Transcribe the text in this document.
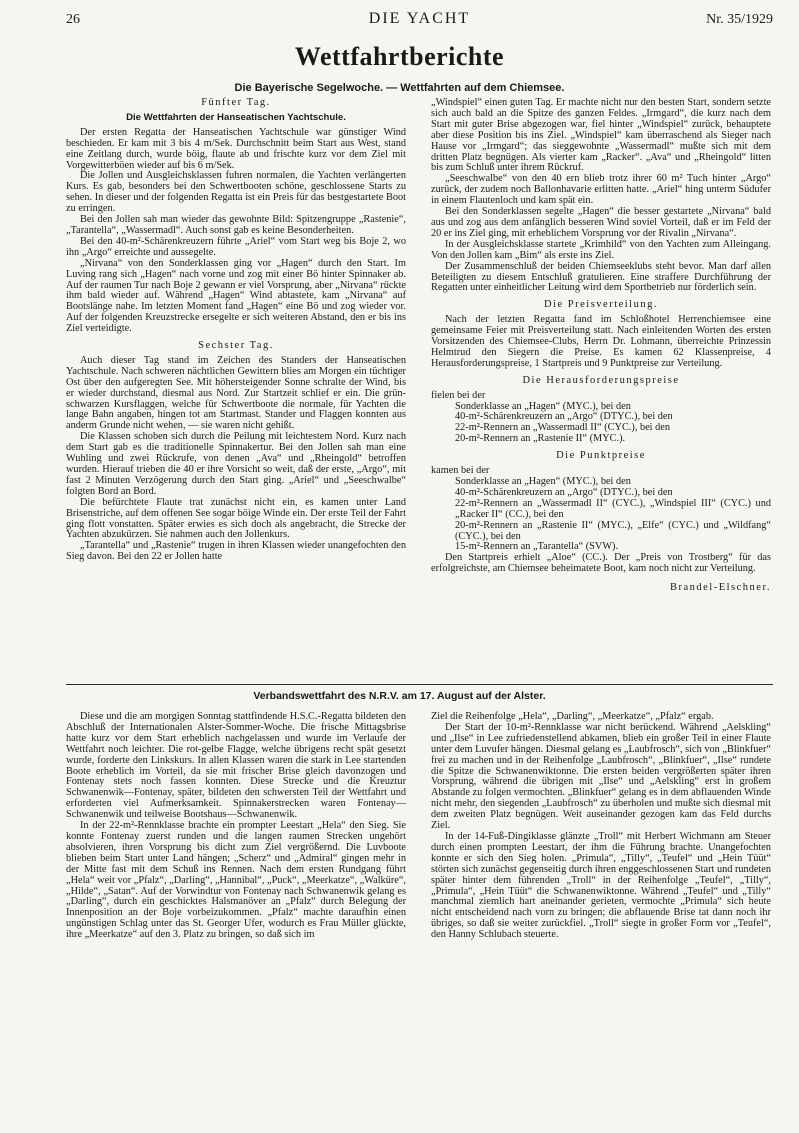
26	DIE YACHT	Nr. 35/1929
Wettfahrtberichte
Die Bayerische Segelwoche. — Wettfahrten auf dem Chiemsee.
Fünfter Tag.
Die Wettfahrten der Hanseatischen Yachtschule.

Der ersten Regatta der Hanseatischen Yachtschule war günstiger Wind beschieden. Er kam mit 3 bis 4 m/Sek. Durchschnitt beim Start aus West, stand eine Zeitlang durch, wurde böig, flaute ab und frischte kurz vor dem Ziel mit Vorgewitterböen wieder auf bis 6 m/Sek.

Die Jollen und Ausgleichsklassen fuhren normalen, die Yachten verlängerten Kurs. Es gab, besonders bei den Schwertbooten schöne, geschlossene Starts zu sehen. In dieser und der folgenden Regatta ist ein Preis für das bestgestartete Boot zu erringen.

Bei den Jollen sah man wieder das gewohnte Bild: Spitzengruppe „Rastenie“, „Tarantella“, „Wassermadl“. Auch sonst gab es keine Besonderheiten.

Bei den 40-m²-Schärenkreuzern führte „Ariel“ vom Start weg bis Boje 2, wo ihn „Argo“ erreichte und aussegelte.

„Nirvana“ von den Sonderklassen ging vor „Hagen“ durch den Start. Im Luving rang sich „Hagen“ nach vorne und zog mit einer Bö hinter Spinnaker ab. Auf der raumen Tur nach Boje 2 gewann er viel Vorsprung, aber „Nirvana“ rückte ihm bald wieder auf. Während „Hagen“ Wind abtastete, kam „Nirvana“ auf Bootslänge nahe. Im letzten Moment fand „Hagen“ eine Bö und zog wieder vor. Auf der folgenden Kreuzstrecke ersegelte er sich weiteren Abstand, den er bis ins Ziel verteidigte.

Sechster Tag.

Auch dieser Tag stand im Zeichen des Standers der Hanseatischen Yachtschule. Nach schweren nächtlichen Gewittern blies am Morgen ein tüchtiger Ost über den aufgeregten See. Mit höhersteigender Sonne schralte der Wind, bis er wieder durchstand, diesmal aus Nord. Zur Startzeit schlief er ein. Die grün-schwarzen Kursflaggen, welche für Schwertboote die normale, für Yachten die lange Bahn angaben, hingen tot am Startmast. Stander und Flaggen konnten aus anderm Grunde nicht wehen, — sie waren nicht gehißt.

Die Klassen schoben sich durch die Peilung mit leichtestem Nord. Kurz nach dem Start gab es die traditionelle Spinnakertur. Bei den Jollen sah man eine Wuhling und zwei Rückrufe, von denen „Ava“ und „Rheingold“ betroffen wurden. Hierauf trieben die 40 er ihre Vorsicht so weit, daß der erste, „Argo“, mit fast 2 Minuten Verzögerung durch den Start ging. „Ariel“ und „Seeschwalbe“ folgten Bord an Bord.

Die befürchtete Flaute trat zunächst nicht ein, es kamen unter Land Brisenstriche, auf dem offenen See sogar böige Winde ein. Der erste Teil der Fahrt ging flott vonstatten. Später erwies es sich doch als angebracht, die Strecke der Yachten abzukürzen. Sie nahmen auch den Jollenkurs.

„Tarantella“ und „Rastenie“ trugen in ihren Klassen wieder unangefochten den Sieg davon. Bei den 22 er Jollen hatte

„Windspiel“ einen guten Tag. Er machte nicht nur den besten Start, sondern setzte sich auch bald an die Spitze des ganzen Feldes. „Irmgard“, die kurz nach dem Start mit guter Brise abgezogen war, fiel hinter „Windspiel“ zurück, behauptete aber diese Position bis ins Ziel. „Windspiel“ kam überraschend als Sieger nach Hause vor „Irmgard“; das sieggewohnte „Wassermadl“ mußte sich mit dem dritten Platz begnügen. Als vierter kam „Racker“. „Ava“ und „Rheingold“ litten bis zum Schluß unter ihrem Rückruf.

„Seeschwalbe“ von den 40 ern blieb trotz ihrer 60 m² Tuch hinter „Argo“ zurück, der zudem noch Ballonhavarie erlitten hatte. „Ariel“ hing unterm Südufer in einem Flautenloch und kam spät ein.

Bei den Sonderklassen segelte „Hagen“ die besser gestartete „Nirvana“ bald aus und zog aus dem anfänglich besseren Wind soviel Vorteil, daß er im Feld der 20 er ins Ziel ging, mit erheblichem Vorsprung vor der Rivalin „Nirvana“.

In der Ausgleichsklasse startete „Krimhild“ von den Yachten zum Alleingang. Von den Jollen kam „Bim“ als erste ins Ziel.

Der Zusammenschluß der beiden Chiemseeklubs steht bevor. Man darf allen Beteiligten zu diesem Entschluß gratulieren. Eine straffere Durchführung der Regatten unter einheitlicher Leitung wird dem Sportbetrieb nur förderlich sein.

Die Preisverteilung.

Nach der letzten Regatta fand im Schloßhotel Herrenchiemsee eine gemeinsame Feier mit Preisverteilung statt. Nach einleitenden Worten des ersten Vorsitzenden des Chiemsee-Clubs, Herrn Dr. Lohmann, überreichte Prinzessin Helmtrud den Siegern die Preise. Es kamen 62 Klassenpreise, 4 Herausforderungspreise, 1 Startpreis und 9 Punktpreise zur Verteilung.

Die Herausforderungspreise

fielen bei der

Sonderklasse an „Hagen“ (MYC.), bei den

40-m²-Schärenkreuzern an „Argo“ (DTYC.), bei den

22-m²-Rennern an „Wassermadl II“ (CYC.), bei den

20-m²-Rennern an „Rastenie II“ (MYC.).

Die Punktpreise

kamen bei der

Sonderklasse an „Hagen“ (MYC.), bei den

40-m²-Schärenkreuzern an „Argo“ (DTYC.), bei den

22-m²-Rennern an „Wassermadl II“ (CYC.), „Windspiel III“ (CYC.) und „Racker II“ (CC.), bei den

20-m²-Rennern an „Rastenie II“ (MYC.), „Elfe“ (CYC.) und „Wildfang“ (CYC.), bei den

15-m²-Rennern an „Tarantella“ (SVW).

Den Startpreis erhielt „Aloe“ (CC.). Der „Preis von Trostberg“ für das erfolgreichste, am Chiemsee beheimatete Boot, kam noch nicht zur Verteilung.

Brandel-Elschner.
Verbandswettfahrt des N.R.V. am 17. August auf der Alster.

Diese und die am morgigen Sonntag stattfindende H.S.C.-Regatta bildeten den Abschluß der Internationalen Alster-Sommer-Woche. Die frische Mittagsbrise hatte kurz vor dem Start erheblich nachgelassen und wurde im Verlaufe der Wettfahrt noch leichter. Die rot-gelbe Flagge, welche übrigens recht spät gesetzt wurde, forderte den Linkskurs. In allen Klassen waren die stark in Lee startenden Boote erheblich im Vorteil, da sie mit frischer Brise gleich davonzogen und Fontenay stets noch fassen konnten. Diese Strecke und die Kreuztur Schwanenwik—Fontenay, später, bildeten den schwersten Teil der Wettfahrt und erforderten viel Aufmerksamkeit. Spinnakerstrecken waren Fontenay—Schwanenwik und teilweise Bootshaus—Schwanenwik.

In der 22-m²-Rennklasse brachte ein prompter Leestart „Hela“ den Sieg. Sie konnte Fontenay zuerst runden und die langen raumen Strecken ungehört absolvieren, ihren Vorsprung bis dicht zum Ziel vergrößernd. Die Luvboote blieben beim Start unter Land hängen; „Scherz“ und „Admiral“ gingen mehr in der Mitte fast mit dem Schuß ins Rennen. Nach dem ersten Rundgang führt „Hela“ weit vor „Pfalz“, „Darling“, „Hannibal“, „Puck“, „Meerkatze“, „Walküre“, „Hilde“, „Satan“. Auf der Vorwindtur von Fontenay nach Schwanenwik gelang es „Darling“, durch ein geschicktes Halsmanöver an „Pfalz“ durch Belegung der Innenposition an der Boje vorbeizukommen. „Pfalz“ machte daraufhin einen ungünstigen Schlag unter das St. Georger Ufer, wodurch es Frau Müller glückte, ihre „Meerkatze“ auf den 3. Platz zu bringen, so daß sich im

Ziel die Reihenfolge „Hela“, „Darling“, „Meerkatze“, „Pfalz“ ergab.

Der Start der 10-m²-Rennklasse war nicht berückend. Während „Aelskling“ und „Ilse“ in Lee zufriedenstellend abkamen, blieb ein großer Teil in einer Flaute unter dem Luvufer hängen. Diesmal gelang es „Laubfrosch“, sich von „Blinkfuer“ frei zu machen und in der Reihenfolge „Laubfrosch“, „Blinkfuer“, „Ilse“ rundete die Spitze die Schwanenwiktonne. Die ersten beiden vergrößerten später ihren Vorsprung, während die übrigen mit „Ilse“ und „Aelskling“ erst in großem Abstande zu folgen vermochten. „Blinkfuer“ gelang es in dem abflauenden Winde nicht mehr, den siegenden „Laubfrosch“ zu überholen und mußte sich diesmal mit dem zweiten Platz begnügen. Weit auseinander gezogen kam das Feld durchs Ziel.

In der 14-Fuß-Dingiklasse glänzte „Troll“ mit Herbert Wichmann am Steuer durch einen prompten Leestart, der ihm die Führung brachte. Unangefochten konnte er sich den Sieg holen. „Primula“, „Tilly“, „Teufel“ und „Hein Tüüt“ störten sich zunächst gegenseitig durch ihren enggeschlossenen Start und rundeten später hinter dem führenden „Troll“ in der Reihenfolge „Teufel“, „Tilly“, „Primula“, „Hein Tüüt“ die Schwanenwiktonne. Während „Teufel“ und „Tilly“ manchmal ziemlich hart aneinander gerieten, vermochte „Primula“ sich heute nicht entscheidend nach vorn zu bringen; die abflauende Brise tat dann noch ihr übriges, so daß sie weiter zurückfiel. „Troll“ siegte in großer Form vor „Teufel“, den Hanny Schlubach steuerte.
